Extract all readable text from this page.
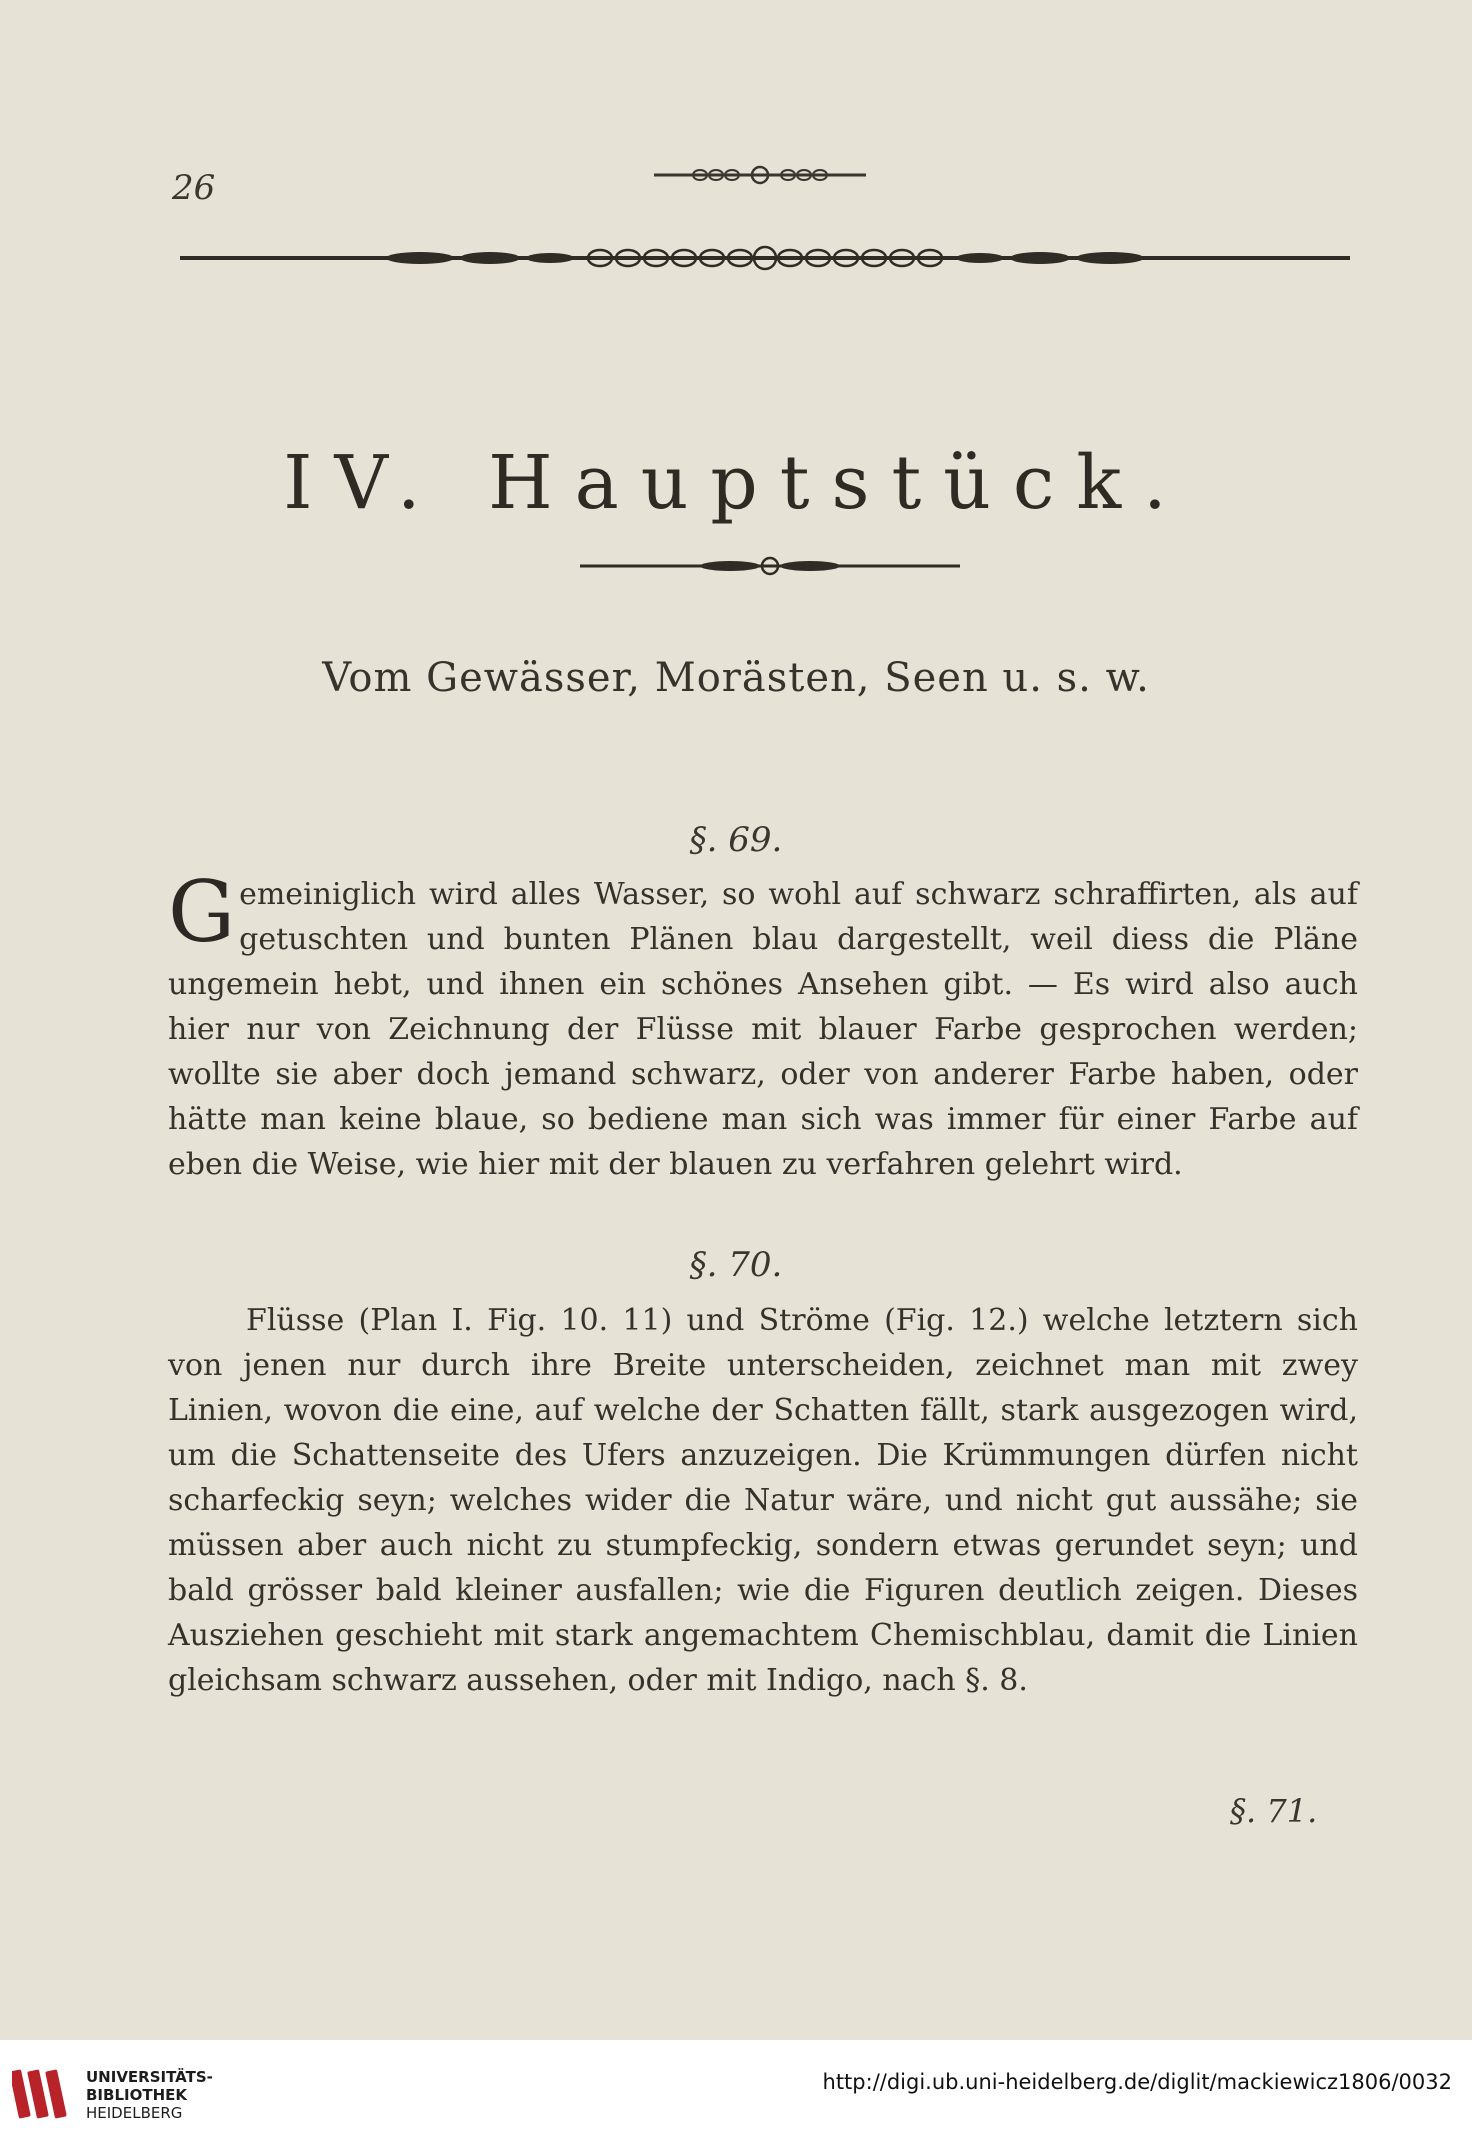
26
IV. Hauptstück.
Vom Gewässer, Morästen, Seen u. s. w.
§. 69.
Gemeiniglich wird alles Wasser, so wohl auf schwarz schraffirten, als auf getuschten und bunten Plänen blau dargestellt, weil diess die Pläne ungemein hebt, und ihnen ein schönes Ansehen gibt. — Es wird also auch hier nur von Zeichnung der Flüsse mit blauer Farbe gesprochen werden; wollte sie aber doch jemand schwarz, oder von anderer Farbe haben, oder hätte man keine blaue, so bediene man sich was immer für einer Farbe auf eben die Weise, wie hier mit der blauen zu verfahren gelehrt wird.
§. 70.
Flüsse (Plan I. Fig. 10. 11) und Ströme (Fig. 12.) welche letztern sich von jenen nur durch ihre Breite unterscheiden, zeichnet man mit zwey Linien, wovon die eine, auf welche der Schatten fällt, stark ausgezogen wird, um die Schattenseite des Ufers anzuzeigen. Die Krümmungen dürfen nicht scharfeckig seyn; welches wider die Natur wäre, und nicht gut aussähe; sie müssen aber auch nicht zu stumpfeckig, sondern etwas gerundet seyn; und bald grösser bald kleiner ausfallen; wie die Figuren deutlich zeigen. Dieses Ausziehen geschieht mit stark angemachtem Chemischblau, damit die Linien gleichsam schwarz aussehen, oder mit Indigo, nach §. 8.
§. 71.
UNIVERSITÄTS-
BIBLIOTHEK
HEIDELBERG
http://digi.ub.uni-heidelberg.de/diglit/mackiewicz1806/0032
